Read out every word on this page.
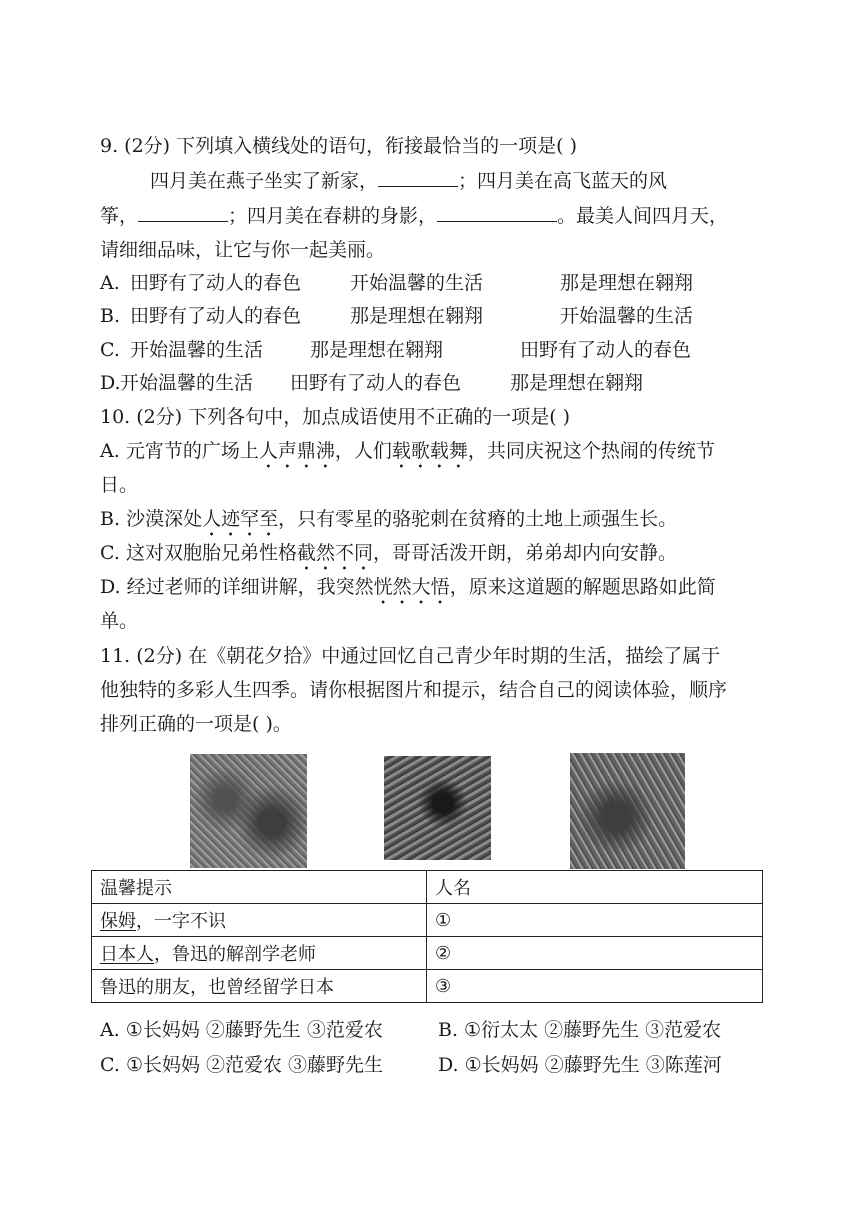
9. (2分) 下列填入横线处的语句，衔接最恰当的一项是( )
四月美在燕子坐实了新家，	；四月美在高飞蓝天的风
筝，	；四月美在春耕的身影，	。最美人间四月天，
请细细品味，让它与你一起美丽。
A. 田野有了动人的春色	开始温馨的生活	那是理想在翱翔
B. 田野有了动人的春色	那是理想在翱翔	开始温馨的生活
C. 开始温馨的生活 那是理想在翱翔	田野有了动人的春色
D. 开始温馨的生活 田野有了动人的春色	那是理想在翱翔
10. (2分) 下列各句中，加点成语使用不正确的一项是( )
A. 元宵节的广场上人声鼎沸，人们载歌载舞，共同庆祝这个热闹的传统节
日。
B. 沙漠深处人迹罕至，只有零星的骆驼刺在贫瘠的土地上顽强生长。
C. 这对双胞胎兄弟性格截然不同，哥哥活泼开朗，弟弟却内向安静。
D. 经过老师的详细讲解，我突然恍然大悟，原来这道题的解题思路如此简
单。
11. (2分) 在《朝花夕拾》中通过回忆自己青少年时期的生活，描绘了属于
他独特的多彩人生四季。请你根据图片和提示，结合自己的阅读体验，顺序
排列正确的一项是( )。
温馨提示	人名
保姆，一字不识	①
日本人，鲁迅的解剖学老师	②
鲁迅的朋友，也曾经留学日本	③
A. ①长妈妈 ②藤野先生 ③范爱农	B. ①衍太太 ②藤野先生 ③范爱农
C. ①长妈妈 ②范爱农 ③藤野先生	D. ①长妈妈 ②藤野先生 ③陈莲河
